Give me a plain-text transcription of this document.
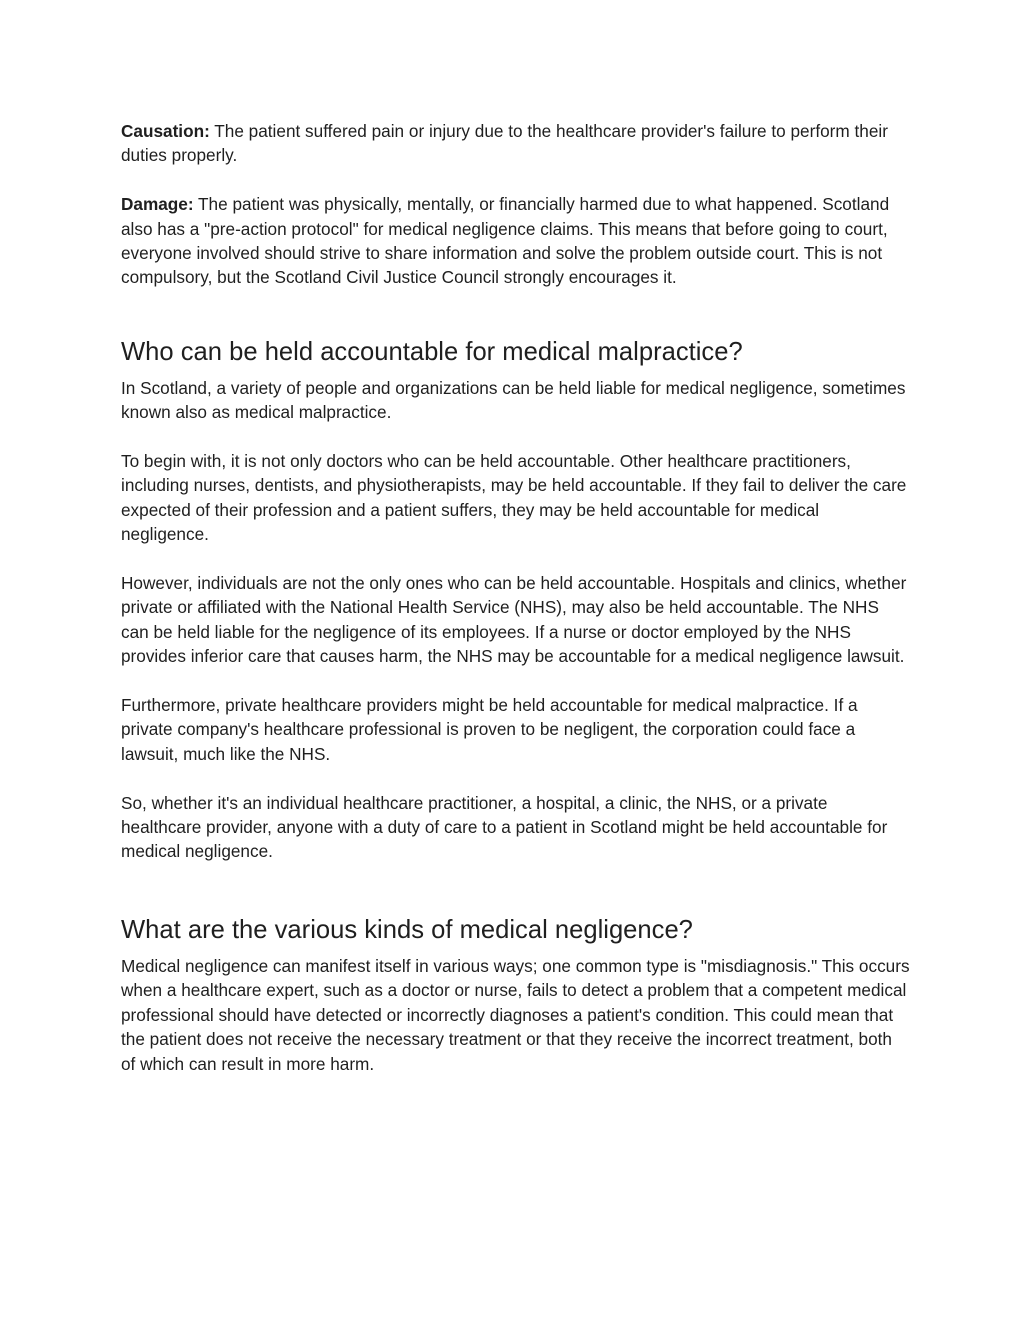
Causation: The patient suffered pain or injury due to the healthcare provider's failure to perform their duties properly.

Damage: The patient was physically, mentally, or financially harmed due to what happened. Scotland also has a "pre-action protocol" for medical negligence claims. This means that before going to court, everyone involved should strive to share information and solve the problem outside court. This is not compulsory, but the Scotland Civil Justice Council strongly encourages it.

Who can be held accountable for medical malpractice?

In Scotland, a variety of people and organizations can be held liable for medical negligence, sometimes known also as medical malpractice.

To begin with, it is not only doctors who can be held accountable. Other healthcare practitioners, including nurses, dentists, and physiotherapists, may be held accountable. If they fail to deliver the care expected of their profession and a patient suffers, they may be held accountable for medical negligence.

However, individuals are not the only ones who can be held accountable. Hospitals and clinics, whether private or affiliated with the National Health Service (NHS), may also be held accountable. The NHS can be held liable for the negligence of its employees. If a nurse or doctor employed by the NHS provides inferior care that causes harm, the NHS may be accountable for a medical negligence lawsuit.

Furthermore, private healthcare providers might be held accountable for medical malpractice. If a private company's healthcare professional is proven to be negligent, the corporation could face a lawsuit, much like the NHS.

So, whether it's an individual healthcare practitioner, a hospital, a clinic, the NHS, or a private healthcare provider, anyone with a duty of care to a patient in Scotland might be held accountable for medical negligence.

What are the various kinds of medical negligence?

Medical negligence can manifest itself in various ways; one common type is "misdiagnosis." This occurs when a healthcare expert, such as a doctor or nurse, fails to detect a problem that a competent medical professional should have detected or incorrectly diagnoses a patient's condition. This could mean that the patient does not receive the necessary treatment or that they receive the incorrect treatment, both of which can result in more harm.
